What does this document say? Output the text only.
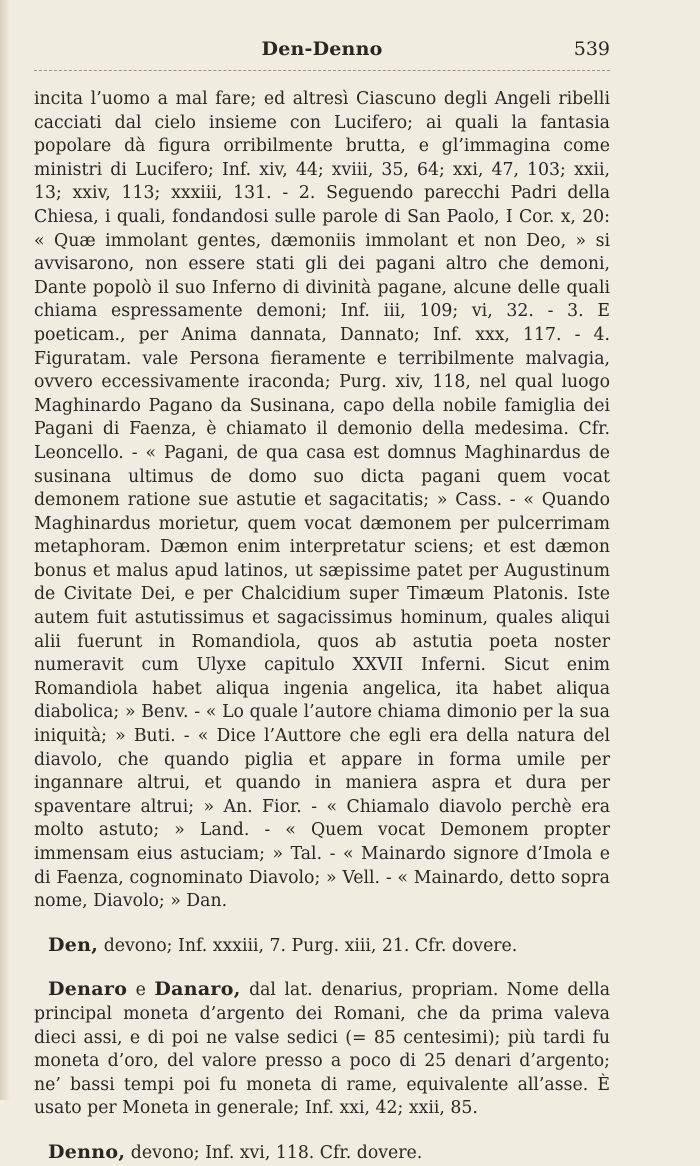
Den-Denno	539

incita l’uomo a mal fare; ed altresì Ciascuno degli Angeli ribelli cacciati dal cielo insieme con Lucifero; ai quali la fantasia popolare dà figura orribilmente brutta, e gl’immagina come ministri di Lucifero; Inf. xiv, 44; xviii, 35, 64; xxi, 47, 103; xxii, 13; xxiv, 113; xxxiii, 131. - 2. Seguendo parecchi Padri della Chiesa, i quali, fondandosi sulle parole di San Paolo, I Cor. x, 20: « Quæ immolant gentes, dæmoniis immolant et non Deo, » si avvisarono, non essere stati gli dei pagani altro che demoni, Dante popolò il suo Inferno di divinità pagane, alcune delle quali chiama espressamente demoni; Inf. iii, 109; vi, 32. - 3. E poeticam., per Anima dannata, Dannato; Inf. xxx, 117. - 4. Figuratam. vale Persona fieramente e terribilmente malvagia, ovvero eccessivamente iraconda; Purg. xiv, 118, nel qual luogo Maghinardo Pagano da Susinana, capo della nobile famiglia dei Pagani di Faenza, è chiamato il demonio della medesima. Cfr. Leoncello. - « Pagani, de qua casa est domnus Maghinardus de susinana ultimus de domo suo dicta pagani quem vocat demonem ratione sue astutie et sagacitatis; » Cass. - « Quando Maghinardus morietur, quem vocat dæmonem per pulcerrimam metaphoram. Dæmon enim interpretatur sciens; et est dæmon bonus et malus apud latinos, ut sæpissime patet per Augustinum de Civitate Dei, e per Chalcidium super Timæum Platonis. Iste autem fuit astutissimus et sagacissimus hominum, quales aliqui alii fuerunt in Romandiola, quos ab astutia poeta noster numeravit cum Ulyxe capitulo XXVII Inferni. Sicut enim Romandiola habet aliqua ingenia angelica, ita habet aliqua diabolica; » Benv. - « Lo quale l’autore chiama dimonio per la sua iniquità; » Buti. - « Dice l’Auttore che egli era della natura del diavolo, che quando piglia et appare in forma umile per ingannare altrui, et quando in maniera aspra et dura per spaventare altrui; » An. Fior. - « Chiamalo diavolo perchè era molto astuto; » Land. - « Quem vocat Demonem propter immensam eius astuciam; » Tal. - « Mainardo signore d’Imola e di Faenza, cognominato Diavolo; » Vell. - « Mainardo, detto sopra nome, Diavolo; » Dan.

Den, devono; Inf. xxxiii, 7. Purg. xiii, 21. Cfr. dovere.

Denaro e Danaro, dal lat. denarius, propriam. Nome della principal moneta d’argento dei Romani, che da prima valeva dieci assi, e di poi ne valse sedici (= 85 centesimi); più tardi fu moneta d’oro, del valore presso a poco di 25 denari d’argento; ne’ bassi tempi poi fu moneta di rame, equivalente all’asse. È usato per Moneta in generale; Inf. xxi, 42; xxii, 85.

Denno, devono; Inf. xvi, 118. Cfr. dovere.
